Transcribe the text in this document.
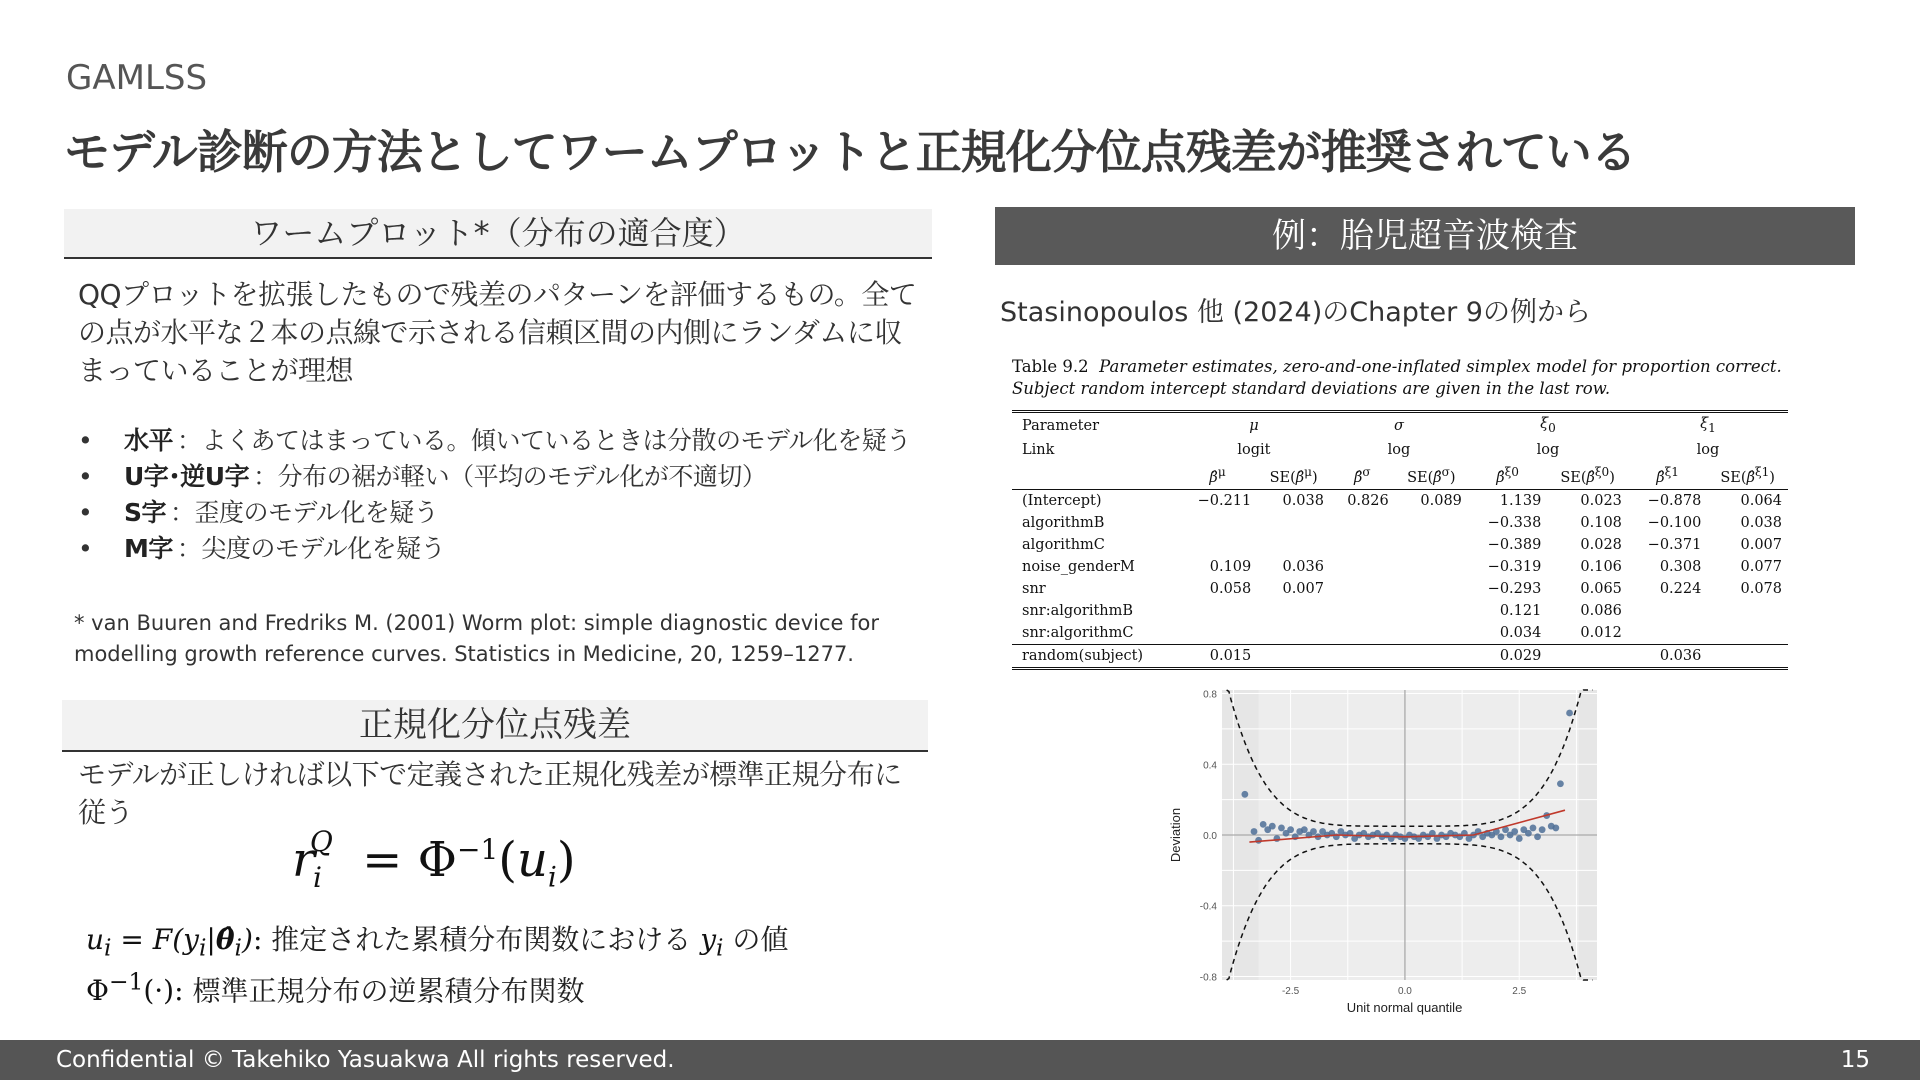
GAMLSS
モデル診断の方法としてワームプロットと正規化分位点残差が推奨されている
ワームプロット*（分布の適合度）
QQプロットを拡張したもので残差のパターンを評価するもの。全ての点が水平な２本の点線で示される信頼区間の内側にランダムに収まっていることが理想
• 水平 ：よくあてはまっている。傾いているときは分散のモデル化を疑う
• U字･逆U字 ：分布の裾が軽い（平均のモデル化が不適切）
• S字 ：歪度のモデル化を疑う
• M字 ：尖度のモデル化を疑う
* van Buuren and Fredriks M. (2001) Worm plot: simple diagnostic device for modelling growth reference curves. Statistics in Medicine, 20, 1259–1277.
正規化分位点残差
モデルが正しければ以下で定義された正規化残差が標準正規分布に従う
$r_i^Q = \Phi^{-1}(u_i)$
$u_i$ = $F(y_i|\thetâ_i)$: 推定された累積分布関数における $y_i$ の値
$\Phi^{-1}(\cdot)$: 標準正規分布の逆累積分布関数
例：胎児超音波検査
Stasinopoulos 他 (2024)のChapter 9の例から
Table 9.2 Parameter estimates, zero-and-one-inflated simplex model for proportion correct. Subject random intercept standard deviations are given in the last row.
Parameter	μ		σ		$\xi_0$		$\xi_1$
Link	logit		log		log		log	
	β̂$^\mu$	SE(β̂$^\mu$)	β̂$^\sigma$	SE(β̂$^\sigma$)	β̂$^{\xi 0}$	SE(β̂$^{\xi 0}$)	β̂$^{\xi 1}$	SE(β̂$^{\xi 1}$)
(Intercept)	−0.211	0.038	0.826	0.089	1.139	0.023	−0.878	0.064
algorithmB					−0.338	0.108	−0.100	0.038
algorithmC					−0.389	0.028	−0.371	0.007
noise_genderM	0.109	0.036			−0.319	0.106	0.308	0.077
snr	0.058	0.007			−0.293	0.065	0.224	0.078
snr:algorithmB					0.121	0.086		
snr:algorithmC					0.034	0.012		
random(subject)	0.015				0.029		0.036	
0.8
0.4
0.0
-0.4
-0.8
-2.5	0.0	2.5
Unit normal quantile
Deviation
Confidential © Takehiko Yasuakwa All rights reserved.	15
